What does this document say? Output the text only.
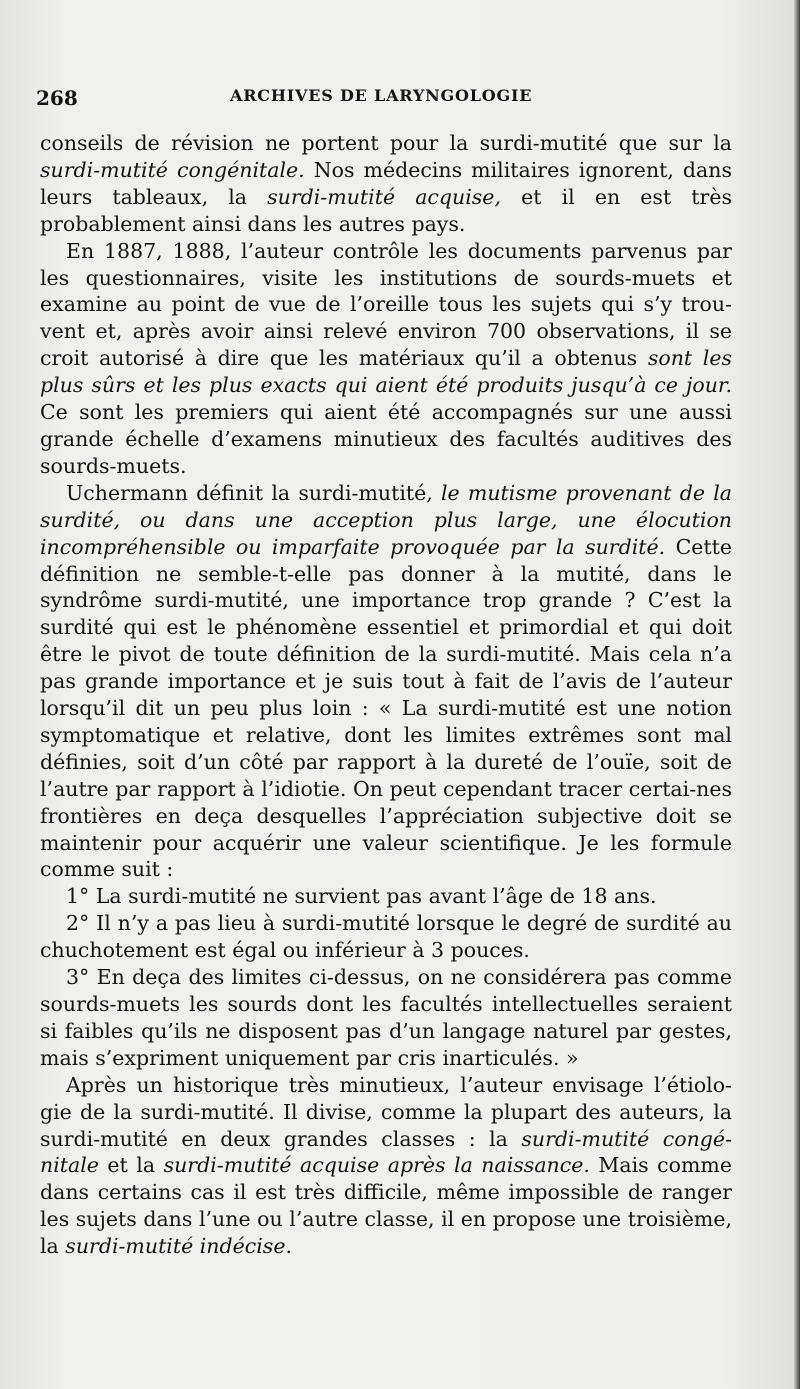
268	ARCHIVES DE LARYNGOLOGIE

conseils de révision ne portent pour la surdi-mutité que sur la surdi-mutité congénitale. Nos médecins militaires ignorent, dans leurs tableaux, la surdi-mutité acquise, et il en est très probablement ainsi dans les autres pays.

En 1887, 1888, l’auteur contrôle les documents parvenus par les questionnaires, visite les institutions de sourds-muets et examine au point de vue de l’oreille tous les sujets qui s’y trou-vent et, après avoir ainsi relevé environ 700 observations, il se croit autorisé à dire que les matériaux qu’il a obtenus sont les plus sûrs et les plus exacts qui aient été produits jusqu’à ce jour. Ce sont les premiers qui aient été accompagnés sur une aussi grande échelle d’examens minutieux des facultés auditives des sourds-muets.

Uchermann définit la surdi-mutité, le mutisme provenant de la surdité, ou dans une acception plus large, une élocution incompréhensible ou imparfaite provoquée par la surdité. Cette définition ne semble-t-elle pas donner à la mutité, dans le syndrôme surdi-mutité, une importance trop grande ? C’est la surdité qui est le phénomène essentiel et primordial et qui doit être le pivot de toute définition de la surdi-mutité. Mais cela n’a pas grande importance et je suis tout à fait de l’avis de l’auteur lorsqu’il dit un peu plus loin : « La surdi-mutité est une notion symptomatique et relative, dont les limites extrêmes sont mal définies, soit d’un côté par rapport à la dureté de l’ouïe, soit de l’autre par rapport à l’idiotie. On peut cependant tracer certai-nes frontières en deça desquelles l’appréciation subjective doit se maintenir pour acquérir une valeur scientifique. Je les formule comme suit :

1° La surdi-mutité ne survient pas avant l’âge de 18 ans.

2° Il n’y a pas lieu à surdi-mutité lorsque le degré de surdité au chuchotement est égal ou inférieur à 3 pouces.

3° En deça des limites ci-dessus, on ne considérera pas comme sourds-muets les sourds dont les facultés intellectuelles seraient si faibles qu’ils ne disposent pas d’un langage naturel par gestes, mais s’expriment uniquement par cris inarticulés. »

Après un historique très minutieux, l’auteur envisage l’étiolo-gie de la surdi-mutité. Il divise, comme la plupart des auteurs, la surdi-mutité en deux grandes classes : la surdi-mutité congé-nitale et la surdi-mutité acquise après la naissance. Mais comme dans certains cas il est très difficile, même impossible de ranger les sujets dans l’une ou l’autre classe, il en propose une troisième, la surdi-mutité indécise.
